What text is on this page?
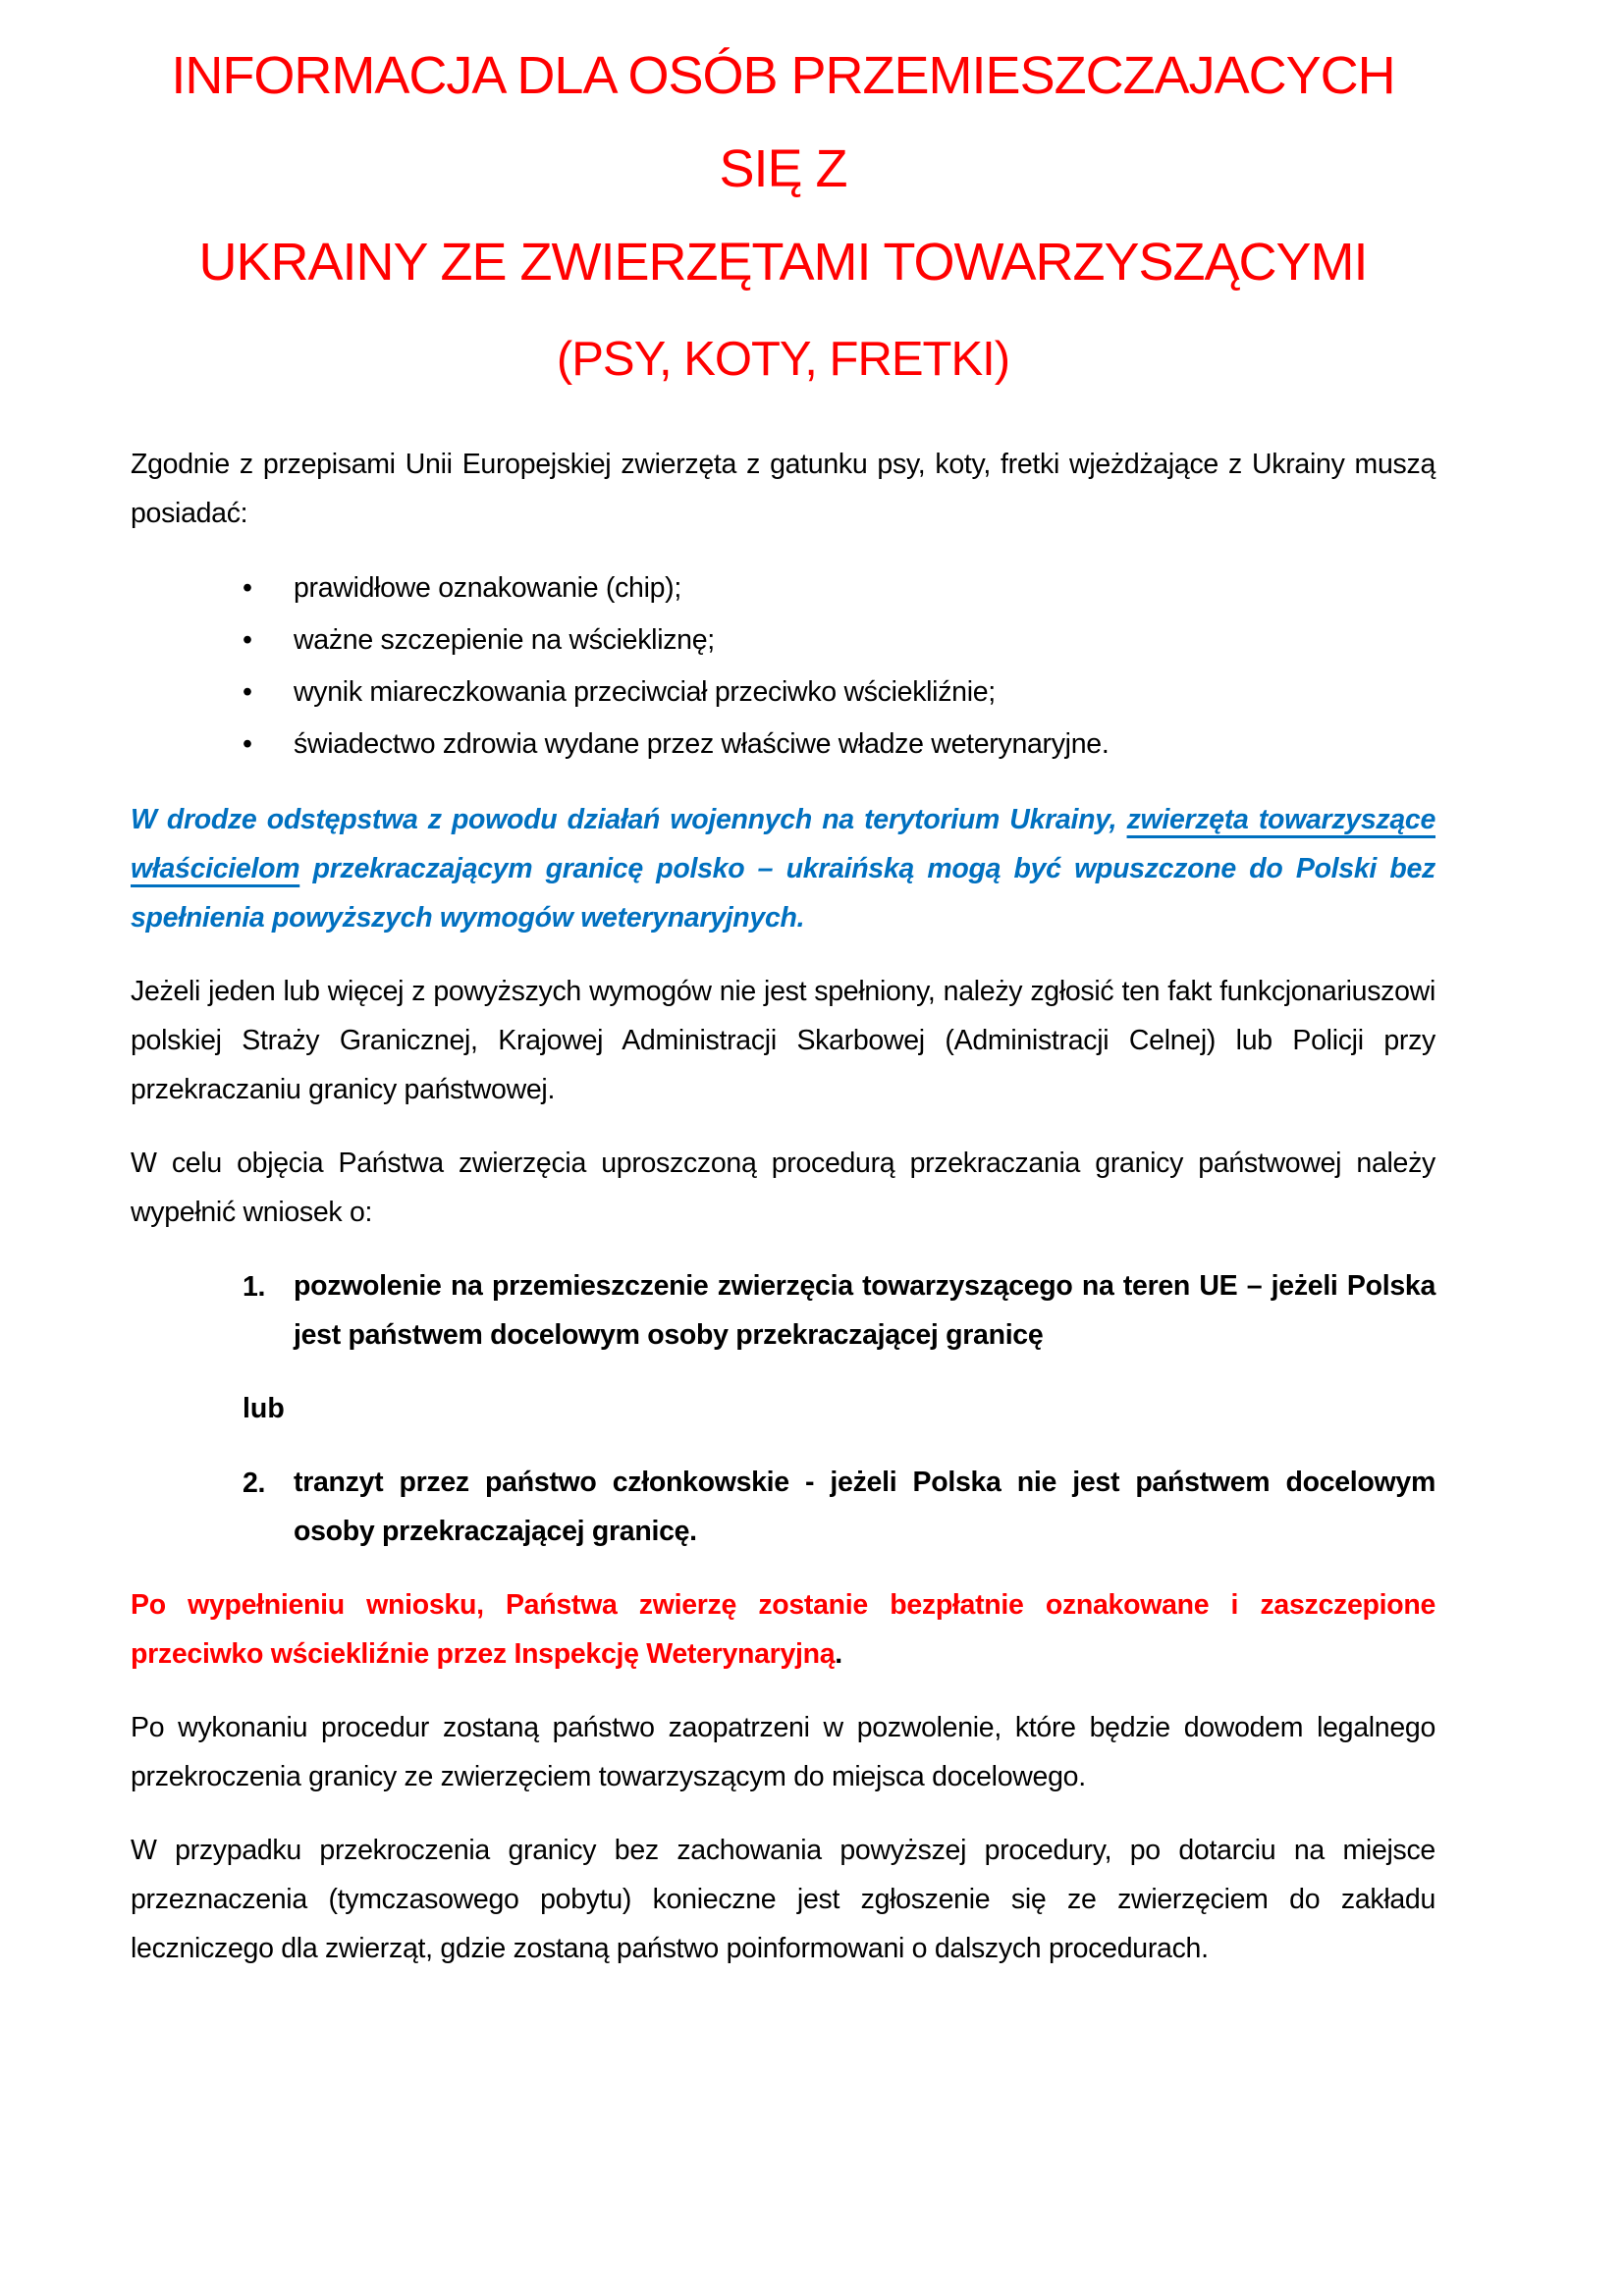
INFORMACJA DLA OSÓB PRZEMIESZCZAJACYCH SIĘ Z
UKRAINY ZE ZWIERZĘTAMI TOWARZYSZĄCYMI
(PSY, KOTY, FRETKI)

Zgodnie z przepisami Unii Europejskiej zwierzęta z gatunku psy, koty, fretki wjeżdżające z Ukrainy muszą posiadać:

•	prawidłowe oznakowanie (chip);
•	ważne szczepienie na wściekliznę;
•	wynik miareczkowania przeciwciał przeciwko wściekliźnie;
•	świadectwo zdrowia wydane przez właściwe władze weterynaryjne.

W drodze odstępstwa z powodu działań wojennych na terytorium Ukrainy, zwierzęta towarzyszące właścicielom przekraczającym granicę polsko – ukraińską mogą być wpuszczone do Polski bez spełnienia powyższych wymogów weterynaryjnych.

Jeżeli jeden lub więcej z powyższych wymogów nie jest spełniony, należy zgłosić ten fakt funkcjonariuszowi polskiej Straży Granicznej, Krajowej Administracji Skarbowej (Administracji Celnej) lub Policji przy przekraczaniu granicy państwowej.

W celu objęcia Państwa zwierzęcia uproszczoną procedurą przekraczania granicy państwowej należy wypełnić wniosek o:

1.	pozwolenie na przemieszczenie zwierzęcia towarzyszącego na teren UE – jeżeli Polska jest państwem docelowym osoby przekraczającej granicę
lub
2.	tranzyt przez państwo członkowskie - jeżeli Polska nie jest państwem docelowym osoby przekraczającej granicę.

Po wypełnieniu wniosku, Państwa zwierzę zostanie bezpłatnie oznakowane i zaszczepione przeciwko wściekliźnie przez Inspekcję Weterynaryjną.

Po wykonaniu procedur zostaną państwo zaopatrzeni w pozwolenie, które będzie dowodem legalnego przekroczenia granicy ze zwierzęciem towarzyszącym do miejsca docelowego.

W przypadku przekroczenia granicy bez zachowania powyższej procedury, po dotarciu na miejsce przeznaczenia (tymczasowego pobytu) konieczne jest zgłoszenie się ze zwierzęciem do zakładu leczniczego dla zwierząt, gdzie zostaną państwo poinformowani o dalszych procedurach.
